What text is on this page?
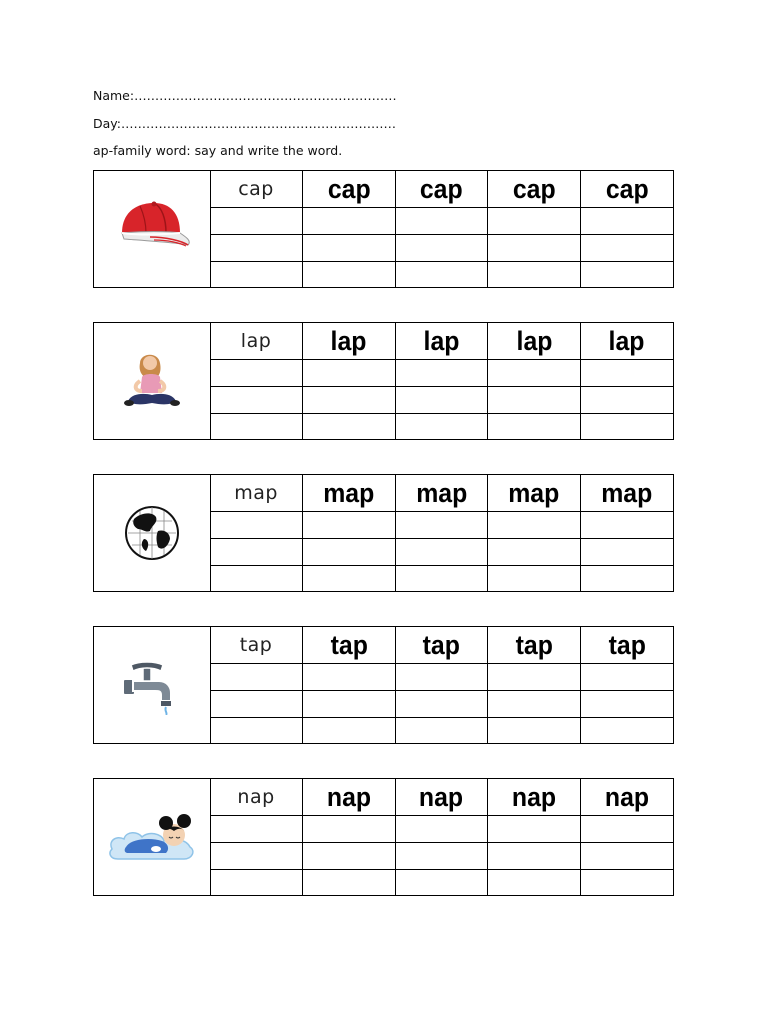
Name:………………………………………………………
Day:…………………………………………………………
ap-family word: say and write the word.
cap	cap	cap	cap	cap

lap	lap	lap	lap	lap

map	map	map	map	map

tap	tap	tap	tap	tap

nap	nap	nap	nap	nap
